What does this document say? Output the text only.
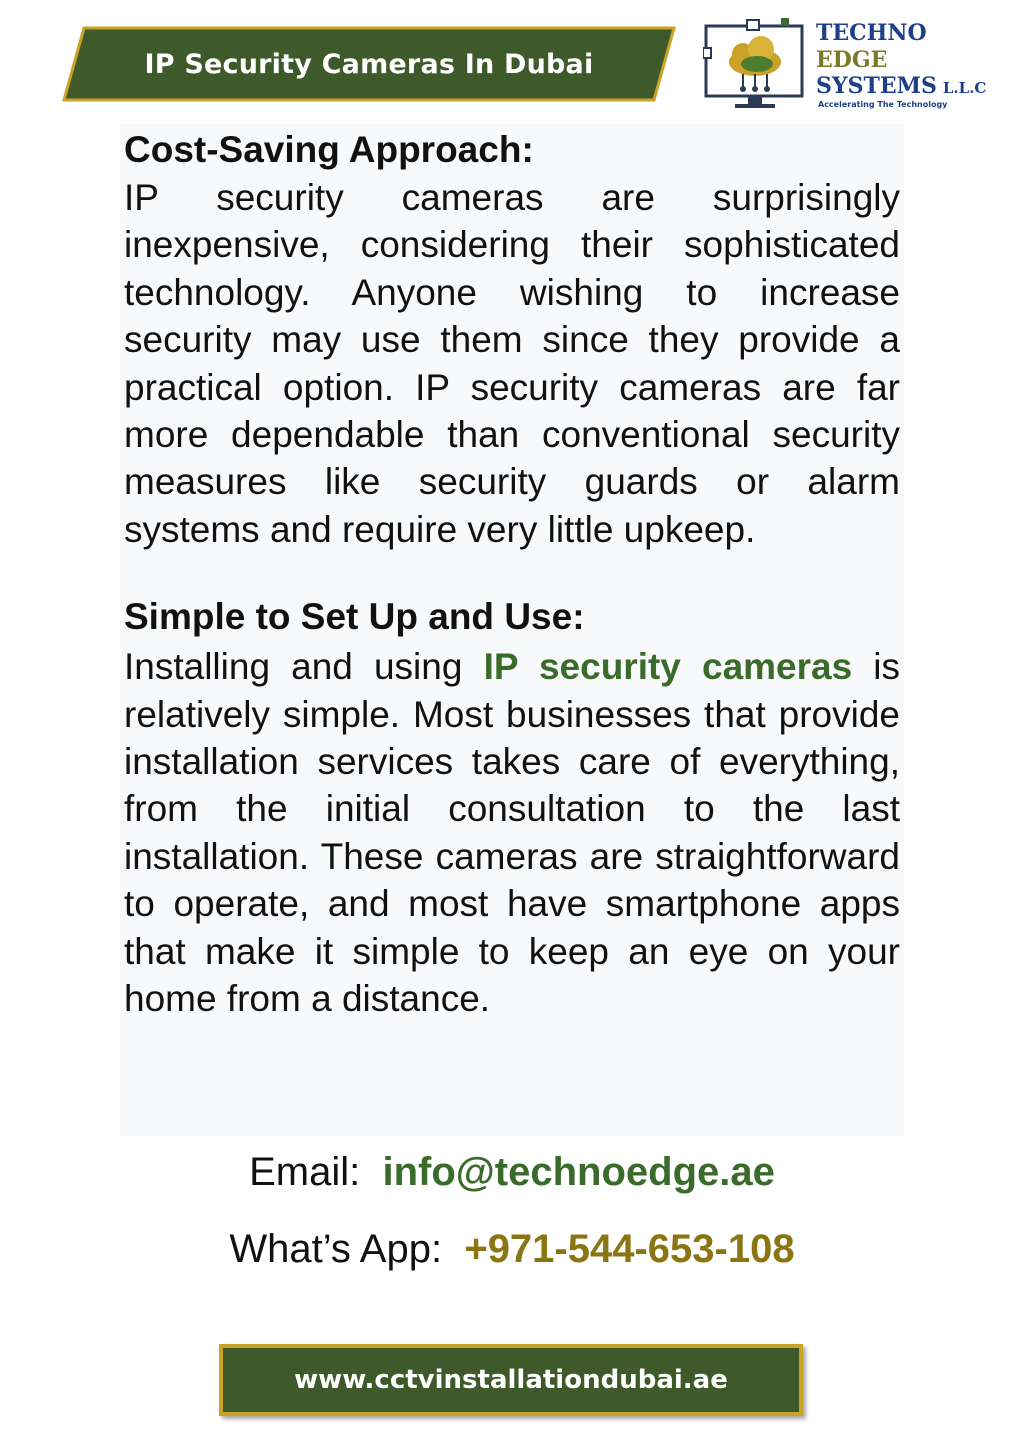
IP Security Cameras In Dubai
TECHNO
EDGE
SYSTEMS L.L.C
Accelerating The Technology
Cost-Saving Approach:

IP security cameras are surprisingly inexpensive, considering their sophisticated technology. Anyone wishing to increase security may use them since they provide a practical option. IP security cameras are far more dependable than conventional security measures like security guards or alarm systems and require very little upkeep.

Simple to Set Up and Use:

Installing and using IP security cameras is relatively simple. Most businesses that provide installation services takes care of everything, from the initial consultation to the last installation. These cameras are straightforward to operate, and most have smartphone apps that make it simple to keep an eye on your home from a distance.

Email: info@technoedge.ae
What’s App: +971-544-653-108
www.cctvinstallationdubai.ae
